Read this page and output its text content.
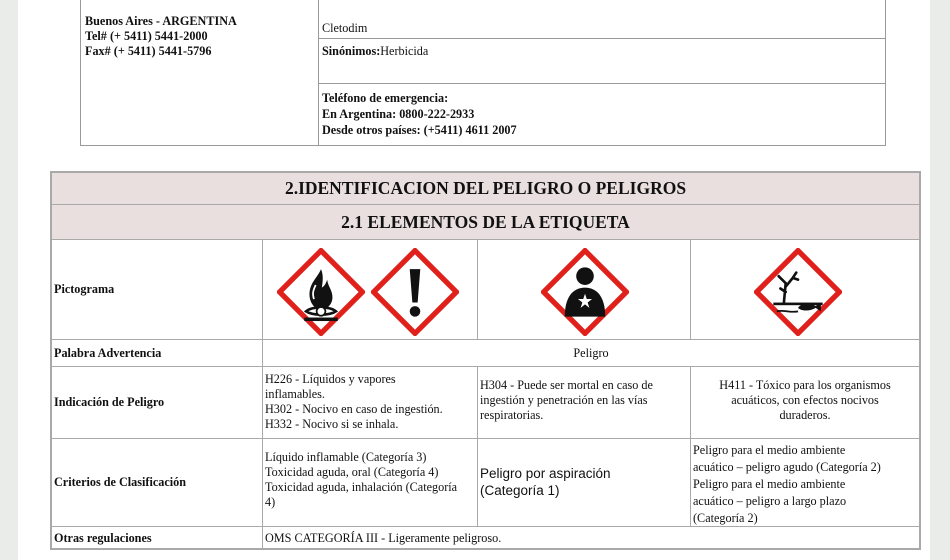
Buenos Aires - ARGENTINA
Tel# (+ 5411) 5441-2000
Fax# (+ 5411) 5441-5796
Cletodim
Sinónimos:Herbicida
Teléfono de emergencia:
En Argentina: 0800-222-2933
Desde otros países: (+5411) 4611 2007
2.IDENTIFICACION DEL PELIGRO O PELIGROS
2.1 ELEMENTOS DE LA ETIQUETA
Pictograma
Palabra Advertencia	Peligro
Indicación de Peligro
H226 - Líquidos y vapores
inflamables.
H302 - Nocivo en caso de ingestión.
H332 - Nocivo si se inhala.
H304 - Puede ser mortal en caso de
ingestión y penetración en las vías
respiratorias.
H411 - Tóxico para los organismos
acuáticos, con efectos nocivos
duraderos.
Criterios de Clasificación
Líquido inflamable (Categoría 3)
Toxicidad aguda, oral (Categoría 4)
Toxicidad aguda, inhalación (Categoría
4)
Peligro por aspiración
(Categoría 1)
Peligro para el medio ambiente
acuático – peligro agudo (Categoría 2)
Peligro para el medio ambiente
acuático – peligro a largo plazo
(Categoría 2)
Otras regulaciones	OMS CATEGORÍA III - Ligeramente peligroso.
